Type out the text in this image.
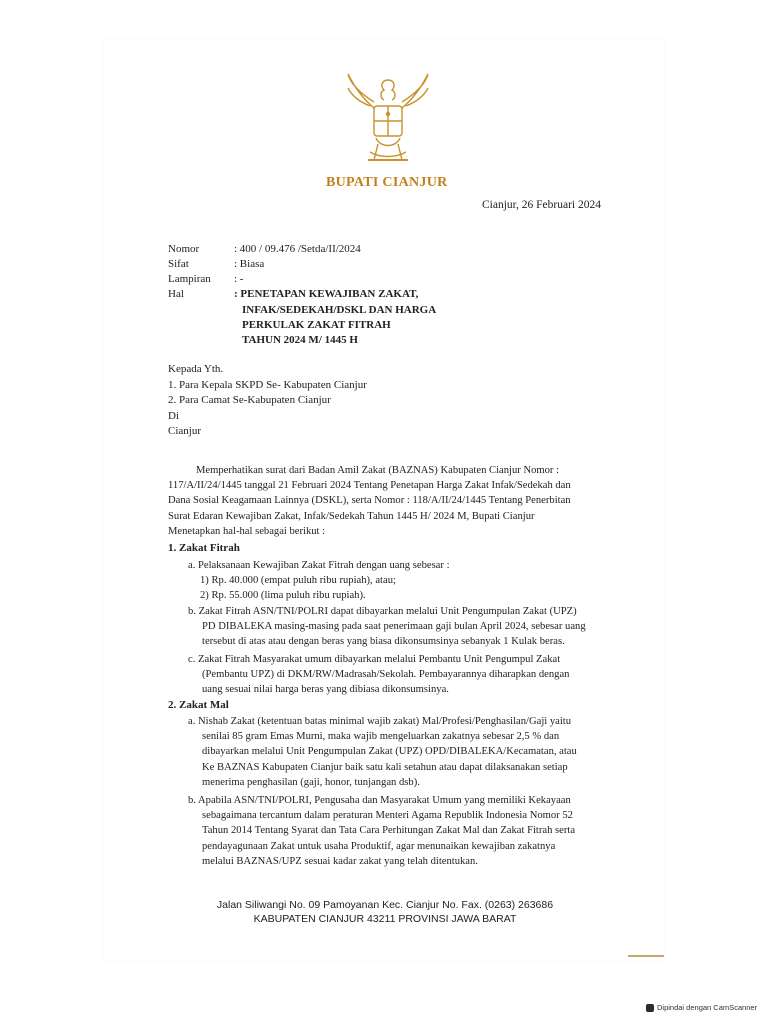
BUPATI CIANJUR
Cianjur, 26 Februari 2024
Nomor	: 400 / 09.476 /Setda/II/2024
Sifat	: Biasa
Lampiran	: -
Hal	: PENETAPAN KEWAJIBAN ZAKAT,
INFAK/SEDEKAH/DSKL DAN HARGA
PERKULAK ZAKAT FITRAH
TAHUN 2024 M/ 1445 H
Kepada Yth.
1. Para Kepala SKPD Se- Kabupaten Cianjur
2. Para Camat Se-Kabupaten Cianjur
Di
Cianjur
Memperhatikan surat dari Badan Amil Zakat (BAZNAS) Kabupaten Cianjur Nomor :
117/A/II/24/1445 tanggal 21 Februari 2024 Tentang Penetapan Harga Zakat Infak/Sedekah dan
Dana Sosial Keagamaan Lainnya (DSKL), serta Nomor : 118/A/II/24/1445 Tentang Penerbitan
Surat Edaran Kewajiban Zakat, Infak/Sedekah Tahun 1445 H/ 2024 M, Bupati Cianjur
Menetapkan hal-hal sebagai berikut :
1. Zakat Fitrah
a. Pelaksanaan Kewajiban Zakat Fitrah dengan uang sebesar :
1) Rp. 40.000 (empat puluh ribu rupiah), atau;
2) Rp. 55.000 (lima puluh ribu rupiah).
b. Zakat Fitrah ASN/TNI/POLRI dapat dibayarkan melalui Unit Pengumpulan Zakat (UPZ)
PD DIBALEKA masing-masing pada saat penerimaan gaji bulan April 2024, sebesar uang
tersebut di atas atau dengan beras yang biasa dikonsumsinya sebanyak 1 Kulak beras.
c. Zakat Fitrah Masyarakat umum dibayarkan melalui Pembantu Unit Pengumpul Zakat
(Pembantu UPZ) di DKM/RW/Madrasah/Sekolah. Pembayarannya diharapkan dengan
uang sesuai nilai harga beras yang dibiasa dikonsumsinya.
2. Zakat Mal
a. Nishab Zakat (ketentuan batas minimal wajib zakat) Mal/Profesi/Penghasilan/Gaji yaitu
senilai 85 gram Emas Murni, maka wajib mengeluarkan zakatnya sebesar 2,5 % dan
dibayarkan melalui Unit Pengumpulan Zakat (UPZ) OPD/DIBALEKA/Kecamatan, atau
Ke BAZNAS Kabupaten Cianjur baik satu kali setahun atau dapat dilaksanakan setiap
menerima penghasilan (gaji, honor, tunjangan dsb).
b. Apabila ASN/TNI/POLRI, Pengusaha dan Masyarakat Umum yang memiliki Kekayaan
sebagaimana tercantum dalam peraturan Menteri Agama Republik Indonesia Nomor 52
Tahun 2014 Tentang Syarat dan Tata Cara Perhitungan Zakat Mal dan Zakat Fitrah serta
pendayagunaan Zakat untuk usaha Produktif, agar menunaikan kewajiban zakatnya
melalui BAZNAS/UPZ sesuai kadar zakat yang telah ditentukan.
Jalan Siliwangi No. 09 Pamoyanan Kec. Cianjur No. Fax. (0263) 263686
KABUPATEN CIANJUR 43211 PROVINSI JAWA BARAT
Dipindai dengan CamScanner
